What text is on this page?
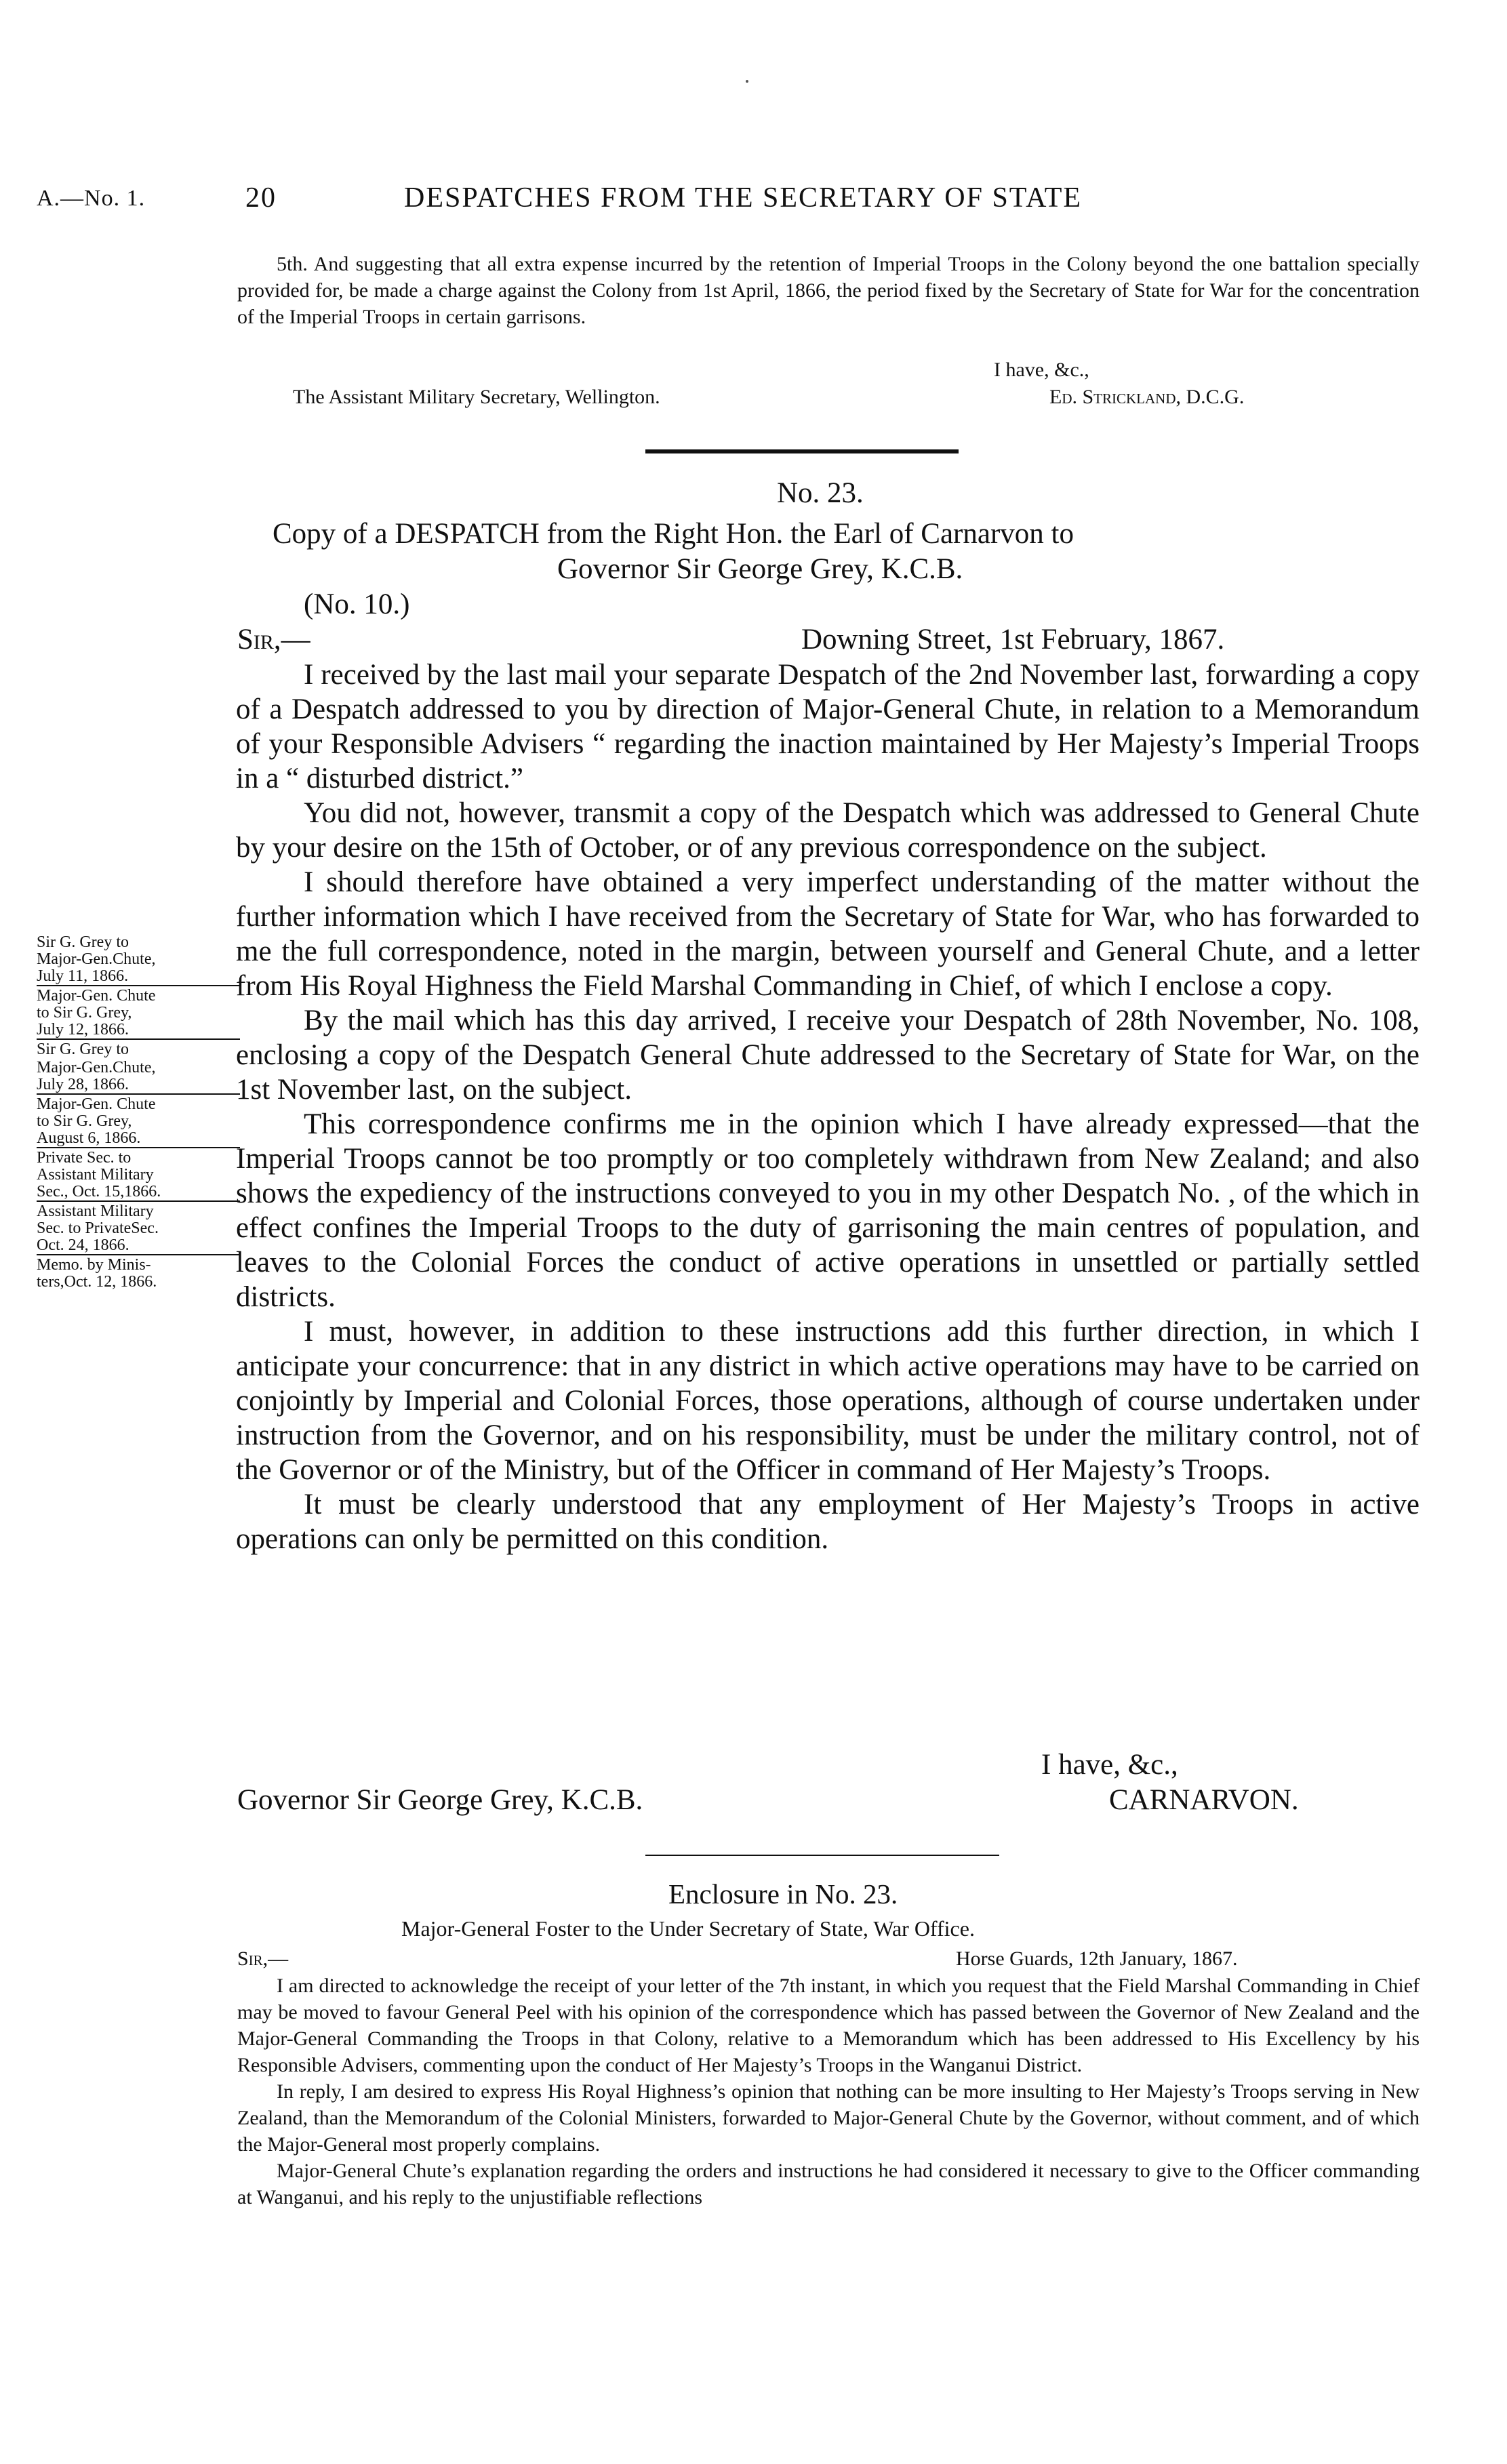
A.—No. 1.	20	DESPATCHES FROM THE SECRETARY OF STATE
5th. And suggesting that all extra expense incurred by the retention of Imperial Troops in the Colony beyond the one battalion specially provided for, be made a charge against the Colony from 1st April, 1866, the period fixed by the Secretary of State for War for the concentration of the Imperial Troops in certain garrisons.
I have, &c.,
The Assistant Military Secretary, Wellington.	Ed. Strickland, D.C.G.
No. 23.
Copy of a DESPATCH from the Right Hon. the Earl of Carnarvon to
Governor Sir George Grey, K.C.B.
(No. 10.)
Sir,—	Downing Street, 1st February, 1867.

I received by the last mail your separate Despatch of the 2nd November last, forwarding a copy of a Despatch addressed to you by direction of Major-General Chute, in relation to a Memorandum of your Responsible Advisers “ regarding the inaction maintained by Her Majesty’s Imperial Troops in a “ disturbed district.”

You did not, however, transmit a copy of the Despatch which was addressed to General Chute by your desire on the 15th of October, or of any previous correspondence on the subject.

I should therefore have obtained a very imperfect understanding of the matter without the further information which I have received from the Secretary of State for War, who has forwarded to me the full correspondence, noted in the margin, between yourself and General Chute, and a letter from His Royal Highness the Field Marshal Commanding in Chief, of which I enclose a copy.

By the mail which has this day arrived, I receive your Despatch of 28th November, No. 108, enclosing a copy of the Despatch General Chute addressed to the Secretary of State for War, on the 1st November last, on the subject.

This correspondence confirms me in the opinion which I have already expressed—that the Imperial Troops cannot be too promptly or too completely withdrawn from New Zealand; and also shows the expediency of the instructions conveyed to you in my other Despatch No. , of the which in effect confines the Imperial Troops to the duty of garrisoning the main centres of population, and leaves to the Colonial Forces the conduct of active operations in unsettled or partially settled districts.

I must, however, in addition to these instructions add this further direction, in which I anticipate your concurrence: that in any district in which active operations may have to be carried on conjointly by Imperial and Colonial Forces, those operations, although of course undertaken under instruction from the Governor, and on his responsibility, must be under the military control, not of the Governor or of the Ministry, but of the Officer in command of Her Majesty’s Troops.

It must be clearly understood that any employment of Her Majesty’s Troops in active operations can only be permitted on this condition.

Sir G. Grey to
Major-Gen.Chute,
July 11, 1866.
Major-Gen. Chute
to Sir G. Grey,
July 12, 1866.
Sir G. Grey to
Major-Gen.Chute,
July 28, 1866.
Major-Gen. Chute
to Sir G. Grey,
August 6, 1866.
Private Sec. to
Assistant Military
Sec., Oct. 15,1866.
Assistant Military
Sec. to PrivateSec.
Oct. 24, 1866.
Memo. by Minis-
ters,Oct. 12, 1866.
I have, &c.,
Governor Sir George Grey, K.C.B.	CARNARVON.
Enclosure in No. 23.
Major-General Foster to the Under Secretary of State, War Office.
Sir,—	Horse Guards, 12th January, 1867.

I am directed to acknowledge the receipt of your letter of the 7th instant, in which you request that the Field Marshal Commanding in Chief may be moved to favour General Peel with his opinion of the correspondence which has passed between the Governor of New Zealand and the Major-General Commanding the Troops in that Colony, relative to a Memorandum which has been addressed to His Excellency by his Responsible Advisers, commenting upon the conduct of Her Majesty’s Troops in the Wanganui District.

In reply, I am desired to express His Royal Highness’s opinion that nothing can be more insulting to Her Majesty’s Troops serving in New Zealand, than the Memorandum of the Colonial Ministers, forwarded to Major-General Chute by the Governor, without comment, and of which the Major-General most properly complains.

Major-General Chute’s explanation regarding the orders and instructions he had considered it necessary to give to the Officer commanding at Wanganui, and his reply to the unjustifiable reflections
